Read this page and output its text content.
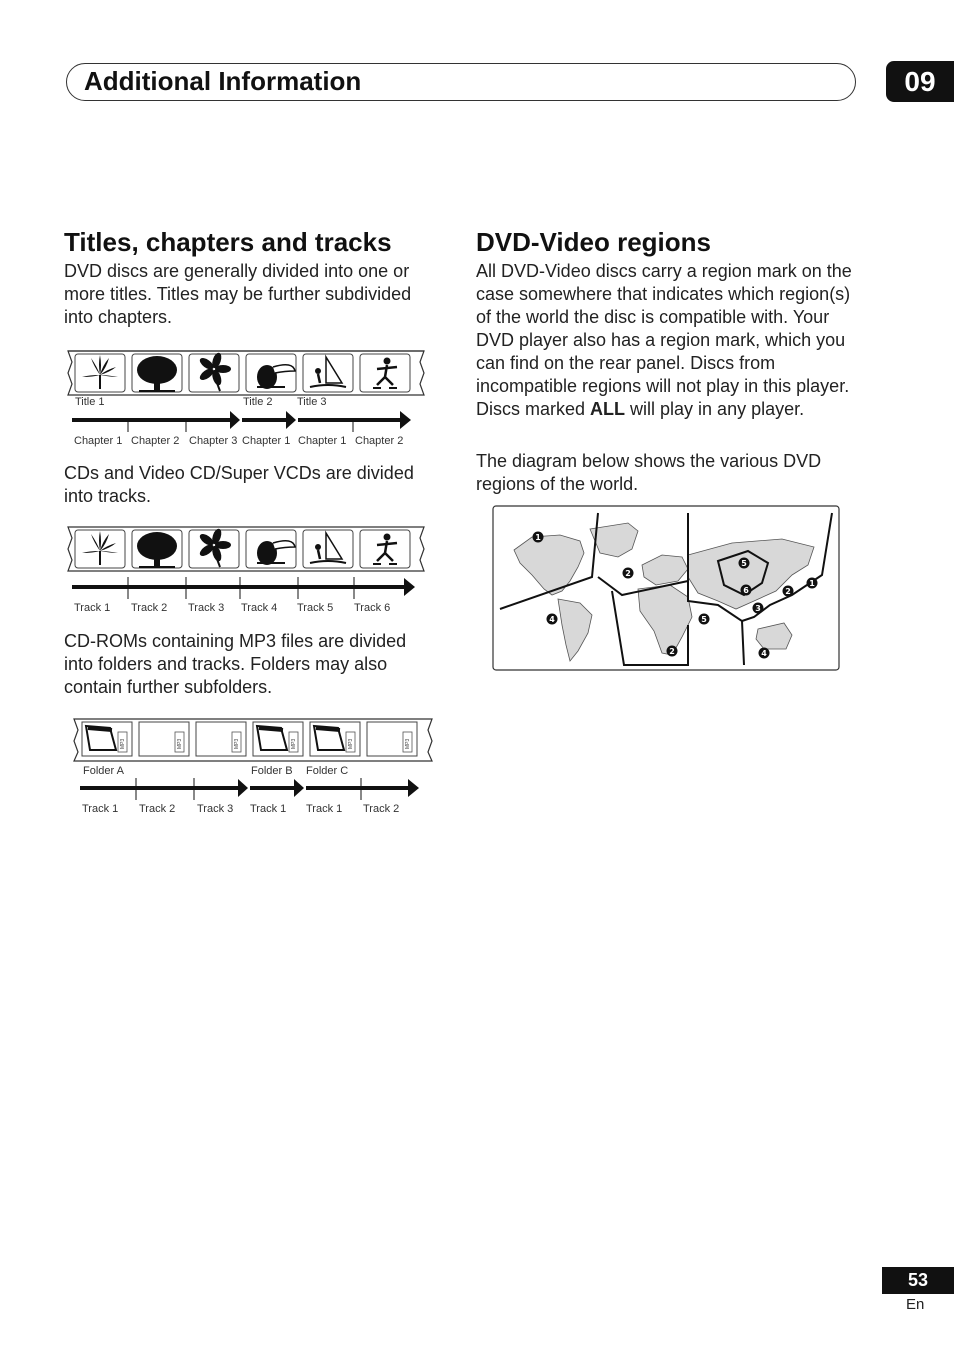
Additional Information	09
Titles, chapters and tracks

DVD discs are generally divided into one or more titles. Titles may be further subdivided into chapters.

Title 1	Title 2 Title 3
Chapter 1 Chapter 2 Chapter 3 Chapter 1 Chapter 1 Chapter 2

CDs and Video CD/Super VCDs are divided into tracks.

Track 1 Track 2 Track 3 Track 4 Track 5 Track 6

CD-ROMs containing MP3 files are divided into folders and tracks. Folders may also contain further subfolders.

MP3	MP3	MP3	MP3	MP3	MP3
Folder A	Folder B Folder C
Track 1 Track 2 Track 3 Track 1 Track 1 Track 2
DVD-Video regions

All DVD-Video discs carry a region mark on the case somewhere that indicates which region(s) of the world the disc is compatible with. Your DVD player also has a region mark, which you can find on the rear panel. Discs from incompatible regions will not play in this player. Discs marked ALL will play in any player.

The diagram below shows the various DVD regions of the world.

1
2
6
5
2
1
4
3
5
2	4
53
En
